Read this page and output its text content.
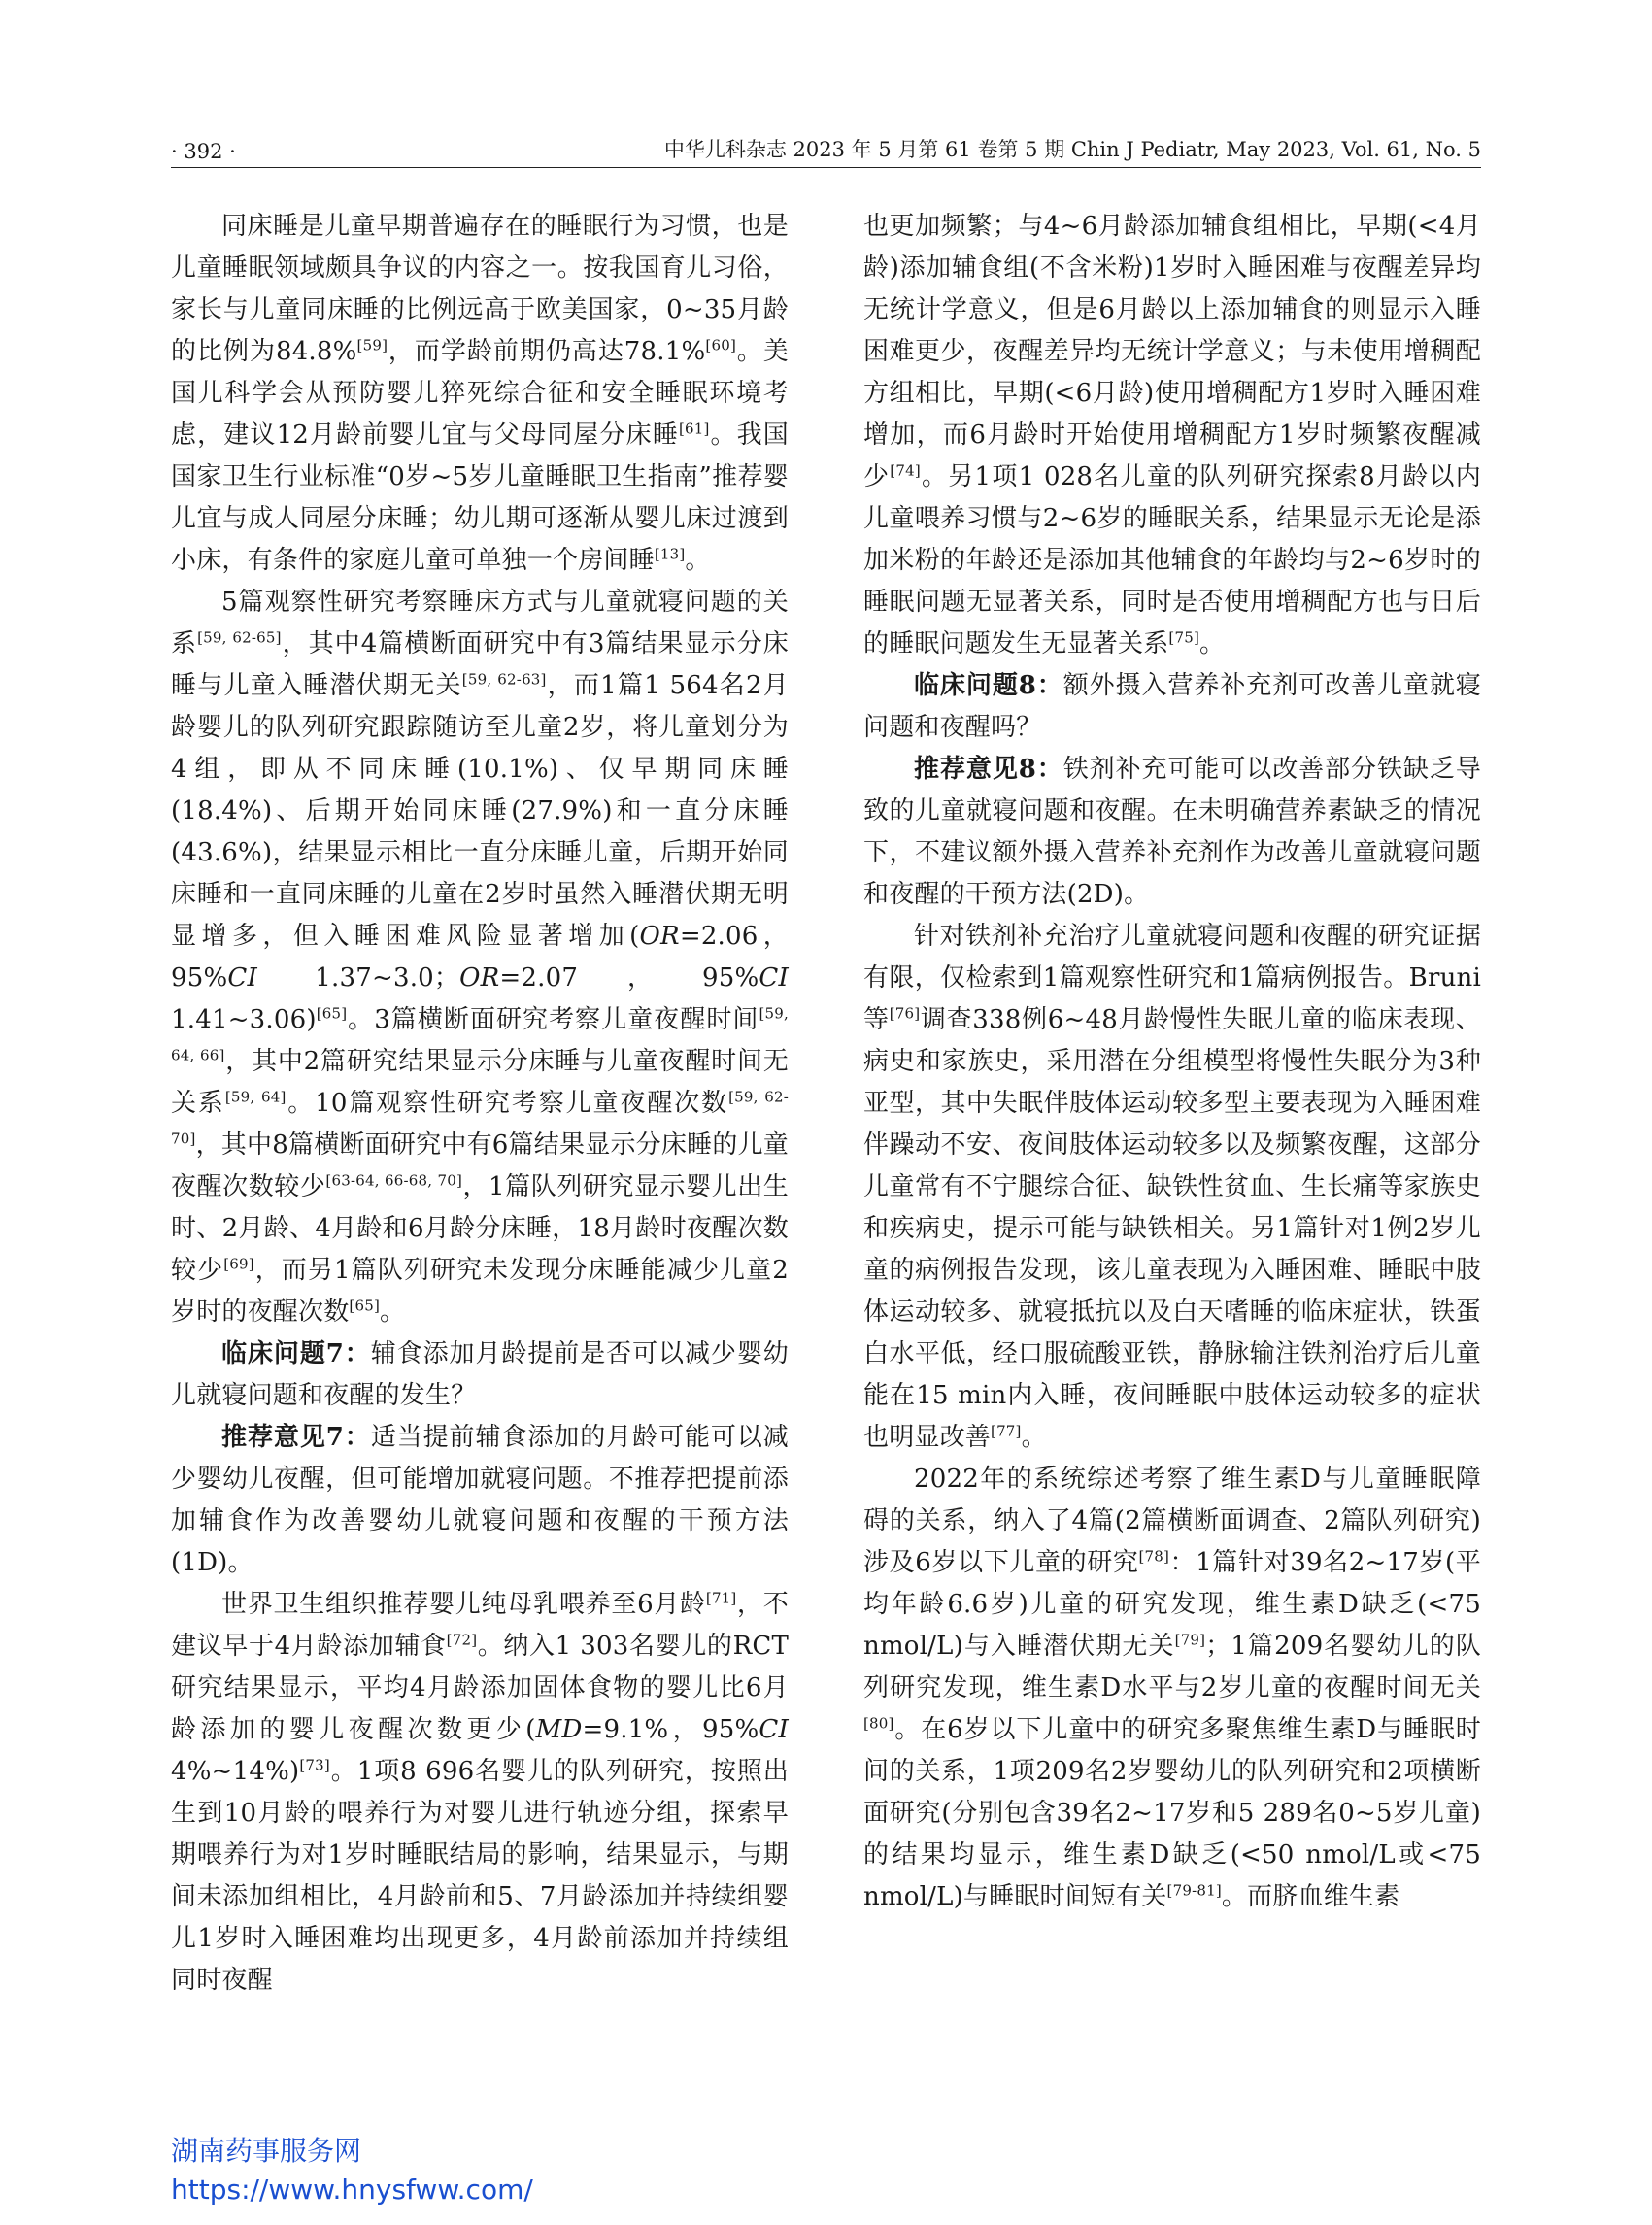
· 392 ·	中华儿科杂志 2023 年 5 月第 61 卷第 5 期 Chin J Pediatr, May 2023, Vol. 61, No. 5

同床睡是儿童早期普遍存在的睡眠行为习惯，也是儿童睡眠领域颇具争议的内容之一。按我国育儿习俗，家长与儿童同床睡的比例远高于欧美国家，0~35月龄的比例为84.8%[59]，而学龄前期仍高达78.1%[60]。美国儿科学会从预防婴儿猝死综合征和安全睡眠环境考虑，建议12月龄前婴儿宜与父母同屋分床睡[61]。我国国家卫生行业标准“0岁~5岁儿童睡眠卫生指南”推荐婴儿宜与成人同屋分床睡；幼儿期可逐渐从婴儿床过渡到小床，有条件的家庭儿童可单独一个房间睡[13]。

5篇观察性研究考察睡床方式与儿童就寝问题的关系[59, 62-65]，其中4篇横断面研究中有3篇结果显示分床睡与儿童入睡潜伏期无关[59, 62-63]，而1篇1 564名2月龄婴儿的队列研究跟踪随访至儿童2岁，将儿童划分为4组，即从不同床睡(10.1%)、仅早期同床睡(18.4%)、后期开始同床睡(27.9%)和一直分床睡(43.6%)，结果显示相比一直分床睡儿童，后期开始同床睡和一直同床睡的儿童在2岁时虽然入睡潜伏期无明显增多，但入睡困难风险显著增加(OR=2.06，95%CI 1.37~3.0；OR=2.07，95%CI 1.41~3.06)[65]。3篇横断面研究考察儿童夜醒时间[59, 64, 66]，其中2篇研究结果显示分床睡与儿童夜醒时间无关系[59, 64]。10篇观察性研究考察儿童夜醒次数[59, 62-70]，其中8篇横断面研究中有6篇结果显示分床睡的儿童夜醒次数较少[63-64, 66-68, 70]，1篇队列研究显示婴儿出生时、2月龄、4月龄和6月龄分床睡，18月龄时夜醒次数较少[69]，而另1篇队列研究未发现分床睡能减少儿童2岁时的夜醒次数[65]。

临床问题7：辅食添加月龄提前是否可以减少婴幼儿就寝问题和夜醒的发生？

推荐意见7：适当提前辅食添加的月龄可能可以减少婴幼儿夜醒，但可能增加就寝问题。不推荐把提前添加辅食作为改善婴幼儿就寝问题和夜醒的干预方法(1D)。

世界卫生组织推荐婴儿纯母乳喂养至6月龄[71]，不建议早于4月龄添加辅食[72]。纳入1 303名婴儿的RCT研究结果显示，平均4月龄添加固体食物的婴儿比6月龄添加的婴儿夜醒次数更少(MD=9.1%，95%CI 4%~14%)[73]。1项8 696名婴儿的队列研究，按照出生到10月龄的喂养行为对婴儿进行轨迹分组，探索早期喂养行为对1岁时睡眠结局的影响，结果显示，与期间未添加组相比，4月龄前和5、7月龄添加并持续组婴儿1岁时入睡困难均出现更多，4月龄前添加并持续组同时夜醒

也更加频繁；与4~6月龄添加辅食组相比，早期(<4月龄)添加辅食组(不含米粉)1岁时入睡困难与夜醒差异均无统计学意义，但是6月龄以上添加辅食的则显示入睡困难更少，夜醒差异均无统计学意义；与未使用增稠配方组相比，早期(<6月龄)使用增稠配方1岁时入睡困难增加，而6月龄时开始使用增稠配方1岁时频繁夜醒减少[74]。另1项1 028名儿童的队列研究探索8月龄以内儿童喂养习惯与2~6岁的睡眠关系，结果显示无论是添加米粉的年龄还是添加其他辅食的年龄均与2~6岁时的睡眠问题无显著关系，同时是否使用增稠配方也与日后的睡眠问题发生无显著关系[75]。

临床问题8：额外摄入营养补充剂可改善儿童就寝问题和夜醒吗？

推荐意见8：铁剂补充可能可以改善部分铁缺乏导致的儿童就寝问题和夜醒。在未明确营养素缺乏的情况下，不建议额外摄入营养补充剂作为改善儿童就寝问题和夜醒的干预方法(2D)。

针对铁剂补充治疗儿童就寝问题和夜醒的研究证据有限，仅检索到1篇观察性研究和1篇病例报告。Bruni等[76]调查338例6~48月龄慢性失眠儿童的临床表现、病史和家族史，采用潜在分组模型将慢性失眠分为3种亚型，其中失眠伴肢体运动较多型主要表现为入睡困难伴躁动不安、夜间肢体运动较多以及频繁夜醒，这部分儿童常有不宁腿综合征、缺铁性贫血、生长痛等家族史和疾病史，提示可能与缺铁相关。另1篇针对1例2岁儿童的病例报告发现，该儿童表现为入睡困难、睡眠中肢体运动较多、就寝抵抗以及白天嗜睡的临床症状，铁蛋白水平低，经口服硫酸亚铁，静脉输注铁剂治疗后儿童能在15 min内入睡，夜间睡眠中肢体运动较多的症状也明显改善[77]。

2022年的系统综述考察了维生素D与儿童睡眠障碍的关系，纳入了4篇(2篇横断面调查、2篇队列研究)涉及6岁以下儿童的研究[78]：1篇针对39名2~17岁(平均年龄6.6岁)儿童的研究发现，维生素D缺乏(<75 nmol/L)与入睡潜伏期无关[79]；1篇209名婴幼儿的队列研究发现，维生素D水平与2岁儿童的夜醒时间无关[80]。在6岁以下儿童中的研究多聚焦维生素D与睡眠时间的关系，1项209名2岁婴幼儿的队列研究和2项横断面研究(分别包含39名2~17岁和5 289名0~5岁儿童)的结果均显示，维生素D缺乏(<50 nmol/L或<75 nmol/L)与睡眠时间短有关[79-81]。而脐血维生素

湖南药事服务网
https://www.hnysfww.com/
